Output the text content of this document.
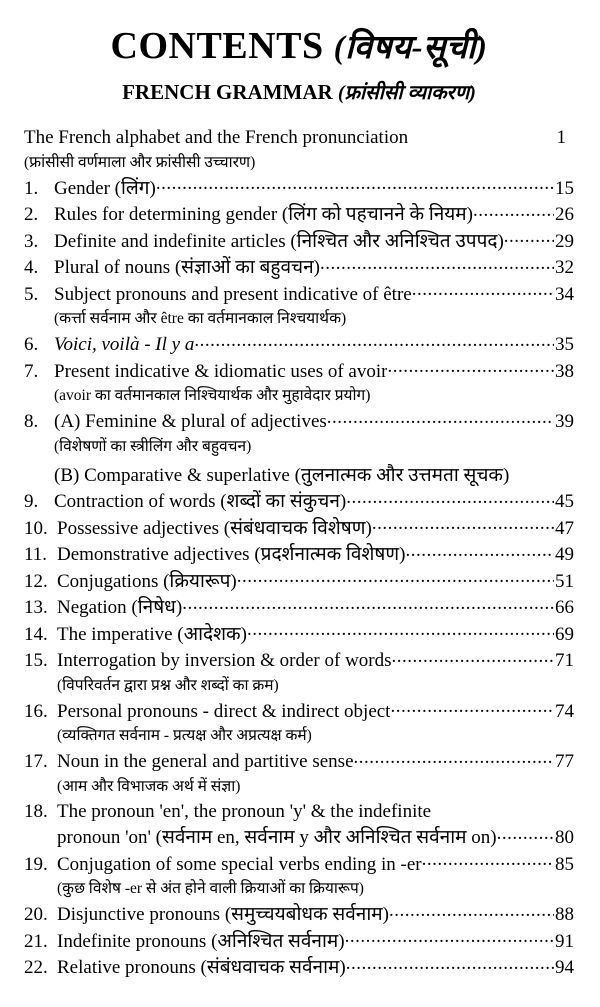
CONTENTS (विषय-सूची)
FRENCH GRAMMAR (फ्रांसीसी व्याकरण)
The French alphabet and the French pronunciation	1
(फ्रांसीसी वर्णमाला और फ्रांसीसी उच्चारण)
1. Gender (लिंग) .....	15
2. Rules for determining gender (लिंग को पहचानने के नियम) .....	26
3. Definite and indefinite articles (निश्चित और अनिश्चित उपपद) .....	29
4. Plural of nouns (संज्ञाओं का बहुवचन) .....	32
5. Subject pronouns and present indicative of être .....	34
(कर्त्ता सर्वनाम और être का वर्तमानकाल निश्चयार्थक)
6. Voici, voilà - Il y a .....	35
7. Present indicative & idiomatic uses of avoir .....	38
(avoir का वर्तमानकाल निश्चियार्थक और मुहावेदार प्रयोग)
8. (A) Feminine & plural of adjectives .....	39
(विशेषणों का स्त्रीलिंग और बहुवचन)
(B) Comparative & superlative (तुलनात्मक और उत्तमता सूचक)
9. Contraction of words (शब्दों का संकुचन) .....	45
10. Possessive adjectives (संबंधवाचक विशेषण) .....	47
11. Demonstrative adjectives (प्रदर्शनात्मक विशेषण) .....	49
12. Conjugations (क्रियारूप) .....	51
13. Negation (निषेध) .....	66
14. The imperative (आदेशक) .....	69
15. Interrogation by inversion & order of words .....	71
(विपरिवर्तन द्वारा प्रश्न और शब्दों का क्रम)
16. Personal pronouns - direct & indirect object .....	74
(व्यक्तिगत सर्वनाम - प्रत्यक्ष और अप्रत्यक्ष कर्म)
17. Noun in the general and partitive sense .....	77
(आम और विभाजक अर्थ में संज्ञा)
18. The pronoun 'en', the pronoun 'y' & the indefinite
pronoun 'on' (सर्वनाम en, सर्वनाम y और अनिश्चित सर्वनाम on) .....	80
19. Conjugation of some special verbs ending in -er .....	85
(कुछ विशेष -er से अंत होने वाली क्रियाओं का क्रियारूप)
20. Disjunctive pronouns (समुच्चयबोधक सर्वनाम) .....	88
21. Indefinite pronouns (अनिश्चित सर्वनाम) .....	91
22. Relative pronouns (संबंधवाचक सर्वनाम) .....	94
